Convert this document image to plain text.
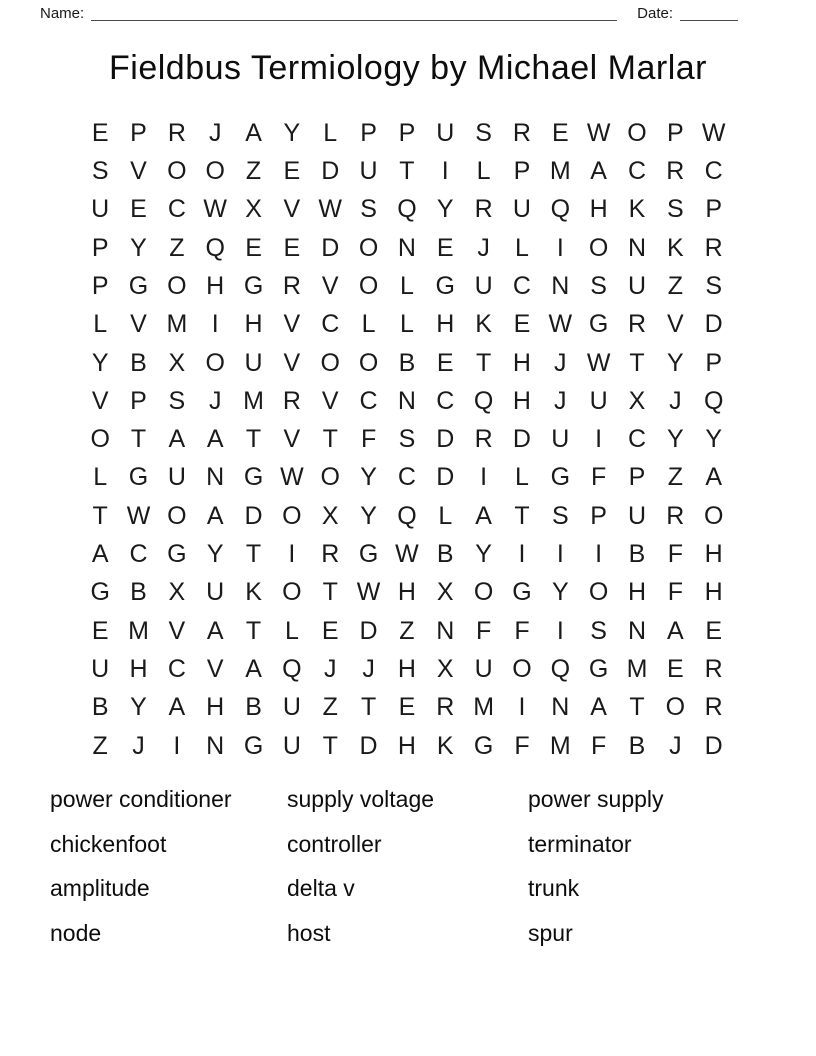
Name:	Date:
Fieldbus Termiology by Michael Marlar
E P R J A Y L P P U S R E W O P W
S V O O Z E D U T	I	L P M A C R C
U E C W X V W S Q Y R U Q H K S P
P Y Z Q E E D O N E J	L	I	O N K R
P G O H G R V O L G U C N S U Z S
L V M I	H V C L L H K E W G R V D
Y B X O U V O O B E T H J W T Y P
V P S J M R V C N C Q H J U X J Q
O T A A T V T F S D R D U	I	C Y Y
L G U N G W O Y C D	I	L G F P Z A
T W O A D O X Y Q L A T S P U R O
A C G Y T	I	R G W B Y	I	I	I	B F H
G B X U K O T W H X O G Y O H F H
E M V A T L E D Z N F F	I	S N A E
U H C V A Q J	J H X U O Q G M E R
B Y A H B U Z T E R M I	N A T O R
Z J	I	N G U T D H K G F M F B J D
power conditioner
chickenfoot
amplitude
node
supply voltage
controller
delta v
host
power supply
terminator
trunk
spur
